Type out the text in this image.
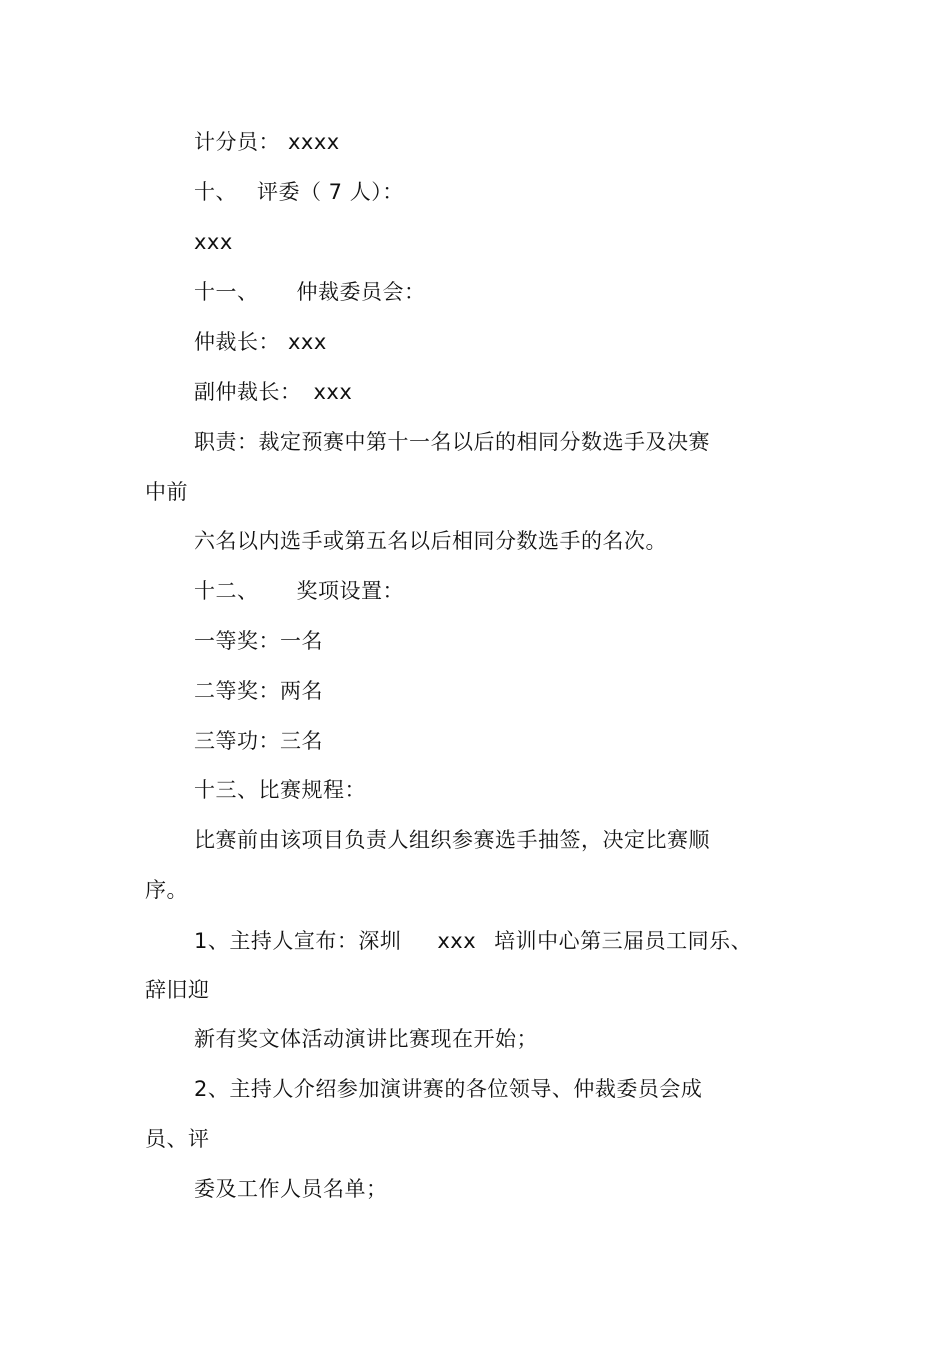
计分员： xxxx
十、 评委（ 7 人）：
xxx
十一、 仲裁委员会：
仲裁长： xxx
副仲裁长： xxx
职责：裁定预赛中第十一名以后的相同分数选手及决赛
中前
六名以内选手或第五名以后相同分数选手的名次。
十二、 奖项设置：
一等奖：一名
二等奖：两名
三等功：三名
十三、比赛规程：
比赛前由该项目负责人组织参赛选手抽签，决定比赛顺
序。
1、主持人宣布：深圳 xxx 培训中心第三届员工同乐、
辞旧迎
新有奖文体活动演讲比赛现在开始；
2、主持人介绍参加演讲赛的各位领导、仲裁委员会成
员、评
委及工作人员名单；
